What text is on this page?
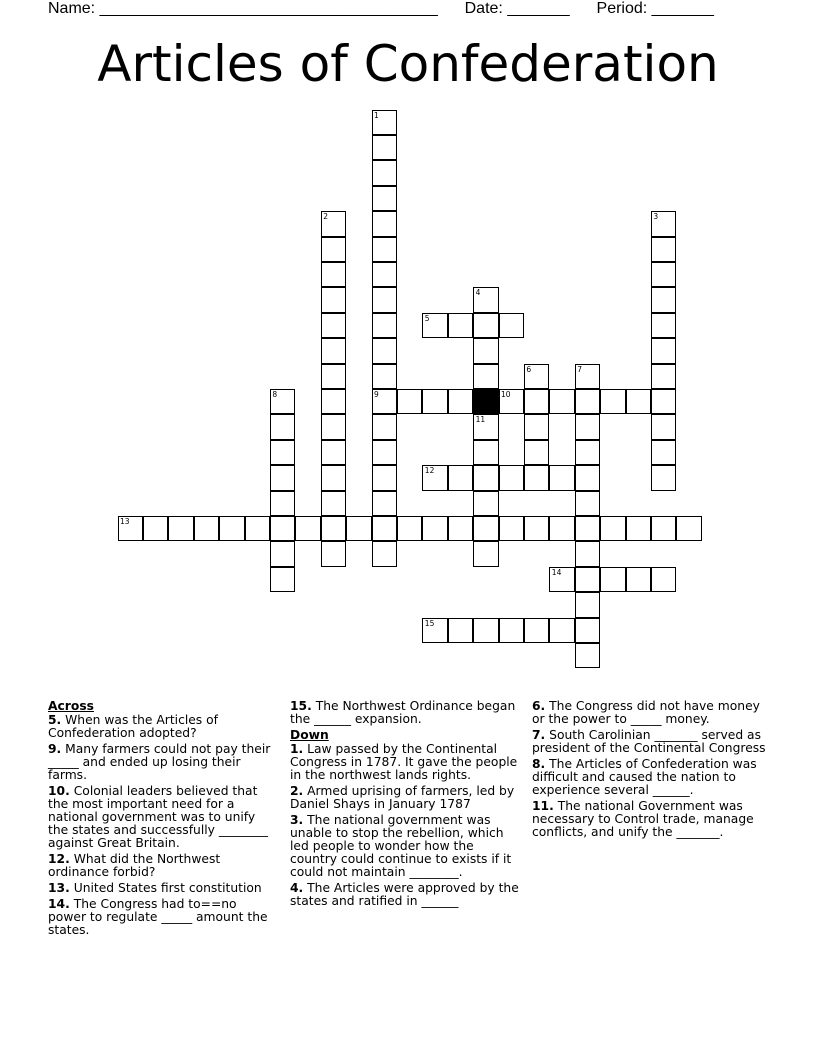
Name: ______________________________________ Date: _______ Period: _______
Articles of Confederation
1
9
2	3
4
11
6	7
8
5
10
12
13
14
15
Across
5. When was the Articles of Confederation adopted?
9. Many farmers could not pay their _____ and ended up losing their farms.
10. Colonial leaders believed that the most important need for a national government was to unify the states and successfully ________ against Great Britain.
12. What did the Northwest ordinance forbid?
13. United States first constitution
14. The Congress had to==no power to regulate _____ amount the states.
15. The Northwest Ordinance began the ______ expansion.
Down
1. Law passed by the Continental Congress in 1787. It gave the people in the northwest lands rights.
2. Armed uprising of farmers, led by Daniel Shays in January 1787
3. The national government was unable to stop the rebellion, which led people to wonder how the country could continue to exists if it could not maintain ________.
4. The Articles were approved by the states and ratified in ______
6. The Congress did not have money or the power to _____ money.
7. South Carolinian _______ served as president of the Continental Congress
8. The Articles of Confederation was difficult and caused the nation to experience several ______.
11. The national Government was necessary to Control trade, manage conflicts, and unify the _______.
